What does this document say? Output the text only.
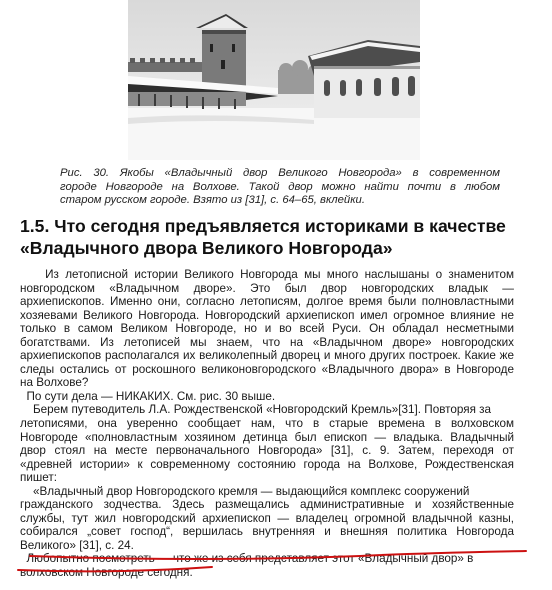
Рис. 30. Якобы «Владычный двор Великого Новгорода» в современном
городе Новгороде на Волхове. Такой двор можно найти почти в любом
старом русском городе. Взято из [31], с. 64–65, вклейки.
1.5. Что сегодня предъявляется историками в качестве
«Владычного двора Великого Новгорода»
Из летописной истории Великого Новгорода мы много наслышаны о знаменитом
новгородском «Владычном дворе». Это был двор новгородских владык —
архиепископов. Именно они, согласно летописям, долгое время были полновластными
хозяевами Великого Новгорода. Новгородский архиепископ имел огромное влияние не
только в самом Великом Новгороде, но и во всей Руси. Он обладал несметными
богатствами. Из летописей мы знаем, что на «Владычном дворе» новгородских
архиепископов располагался их великолепный дворец и много других построек. Какие же
следы остались от роскошного великоновгородского «Владычного двора» в Новгороде
на Волхове?
По сути дела — НИКАКИХ. См. рис. 30 выше.
Берем путеводитель Л.А. Рождественской «Новгородский Кремль»[31]. Повторяя за
летописями, она уверенно сообщает нам, что в старые времена в волховском
Новгороде «полновластным хозяином детинца был епископ — владыка. Владычный
двор стоял на месте первоначального Новгорода» [31], с. 9. Затем, переходя от
«древней истории» к современному состоянию города на Волхове, Рождественская
пишет:
«Владычный двор Новгородского кремля — выдающийся комплекс сооружений
гражданского зодчества. Здесь размещались административные и хозяйственные
службы, тут жил новгородский архиепископ — владелец огромной владычной казны,
собирался „совет господ“, вершилась внутренняя и внешняя политика Новгорода
Великого» [31], с. 24.
Любопытно посмотреть — что же из себя представляет этот «Владычный двор» в
волховском Новгороде сегодня.
